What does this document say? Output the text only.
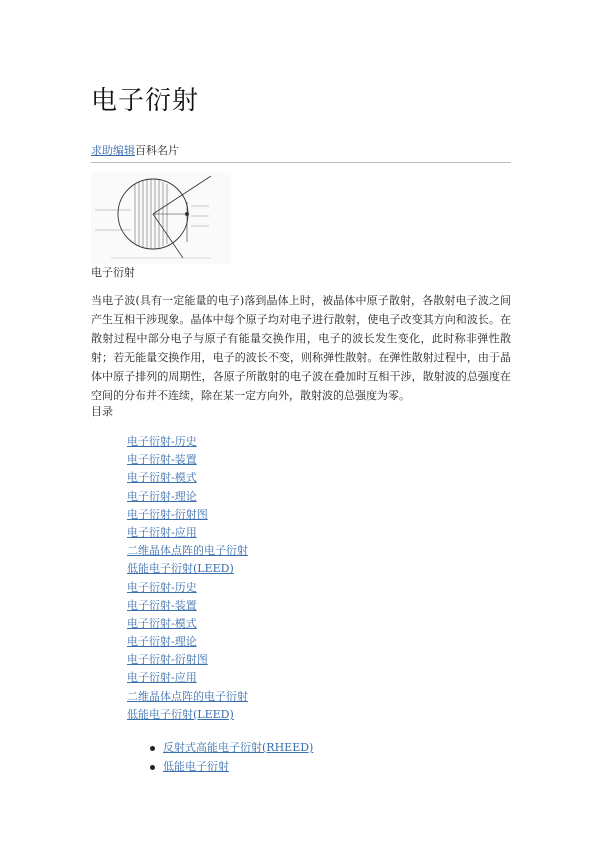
电子衍射
求助编辑百科名片
电子衍射

当电子波(具有一定能量的电子)落到晶体上时，被晶体中原子散射，各散射电子波之间产生互相干涉现象。晶体中每个原子均对电子进行散射，使电子改变其方向和波长。在散射过程中部分电子与原子有能量交换作用，电子的波长发生变化，此时称非弹性散射；若无能量交换作用，电子的波长不变，则称弹性散射。在弹性散射过程中，由于晶体中原子排列的周期性，各原子所散射的电子波在叠加时互相干涉，散射波的总强度在空间的分布并不连续，除在某一定方向外，散射波的总强度为零。

目录
电子衍射-历史
电子衍射-装置
电子衍射-模式
电子衍射-理论
电子衍射-衍射图
电子衍射-应用
二维晶体点阵的电子衍射
低能电子衍射(LEED)
电子衍射-历史
电子衍射-装置
电子衍射-模式
电子衍射-理论
电子衍射-衍射图
电子衍射-应用
二维晶体点阵的电子衍射
低能电子衍射(LEED)
反射式高能电子衍射(RHEED)
低能电子衍射
